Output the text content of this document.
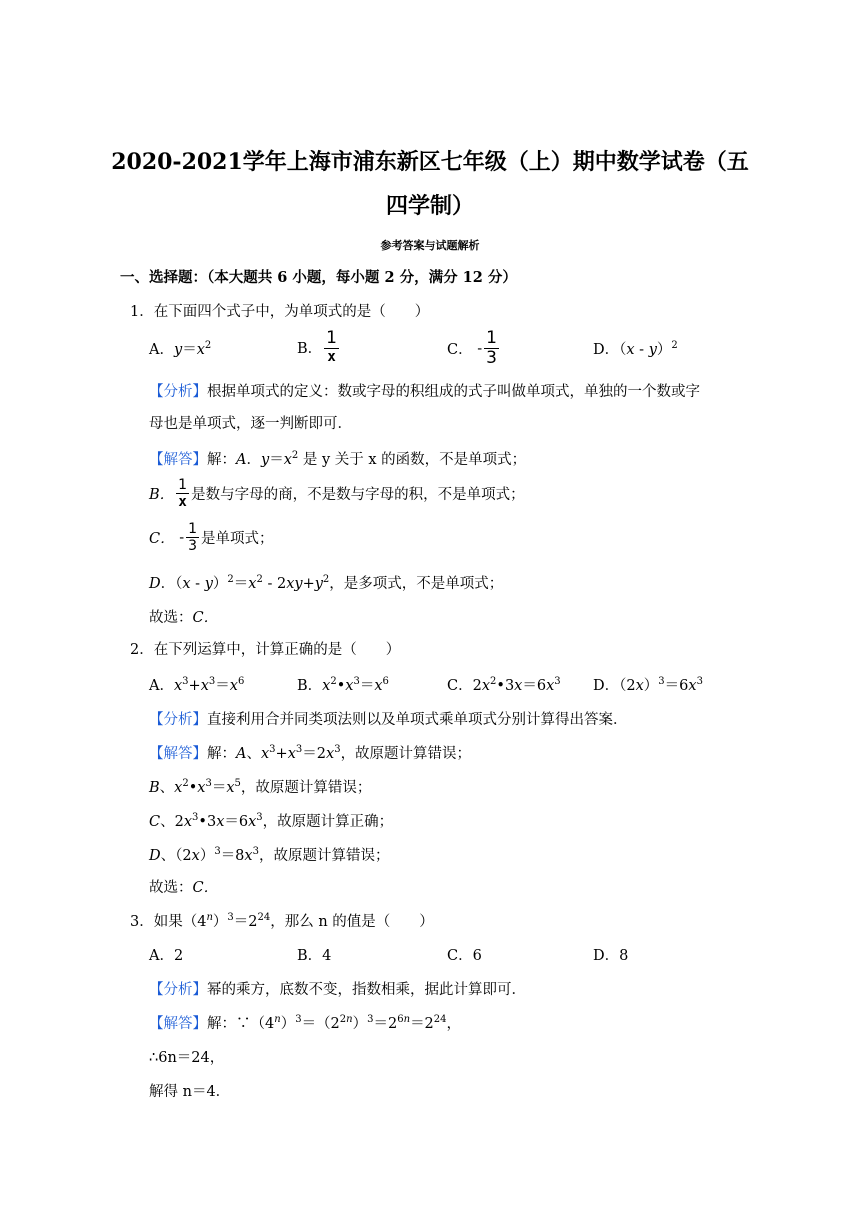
2020-2021学年上海市浦东新区七年级（上）期中数学试卷（五
四学制）
参考答案与试题解析
一、选择题：（本大题共 6 小题，每小题 2 分，满分 12 分）
1．在下面四个式子中，为单项式的是（　　）
A．$y=x^2$	B． $\frac{1}{x}$	C．
- $\frac{1}{3}$	D．（x - y）$^2$
【分析】根据单项式的定义：数或字母的积组成的式子叫做单项式，单独的一个数或字
母也是单项式，逐一判断即可．
【解答】解：A．$y=x^2$ 是 y 关于 x 的函数，不是单项式；
B． $\frac{1}{x}$ 是数与字母的商，不是数与字母的积，不是单项式；
C．
- $\frac{1}{3}$ 是单项式；
D．$(x - y)^2=x^2 - 2xy+y^2$，是多项式，不是单项式；
故选：C．
2．在下列运算中，计算正确的是（　　）
A．$x^3+x^3=x^6$	B．$x^2•x^3=x^6$	C．$2x^2•3x=6x^3$ D．$(2x)^3=6x^3$
【分析】直接利用合并同类项法则以及单项式乘单项式分别计算得出答案．
【解答】解：A、$x^3+x^3=2x^3$，故原题计算错误；
B、$x^2•x^3=x^5$，故原题计算错误；
C、$2x^3•3x=6x^3$，故原题计算正确；
D、$(2x)^3=8x^3$，故原题计算错误；
故选：C．
3．如果$(4^n)^3=2^{24}$，那么 n 的值是（　　）
A．2	B．4	C．6	D．8
【分析】幂的乘方，底数不变，指数相乘，据此计算即可．
【解答】解：$\because(4^n)^3=(2^{2n})^3=2^{6n}=2^{24}$，
∴6n＝24，
解得 n＝4．
